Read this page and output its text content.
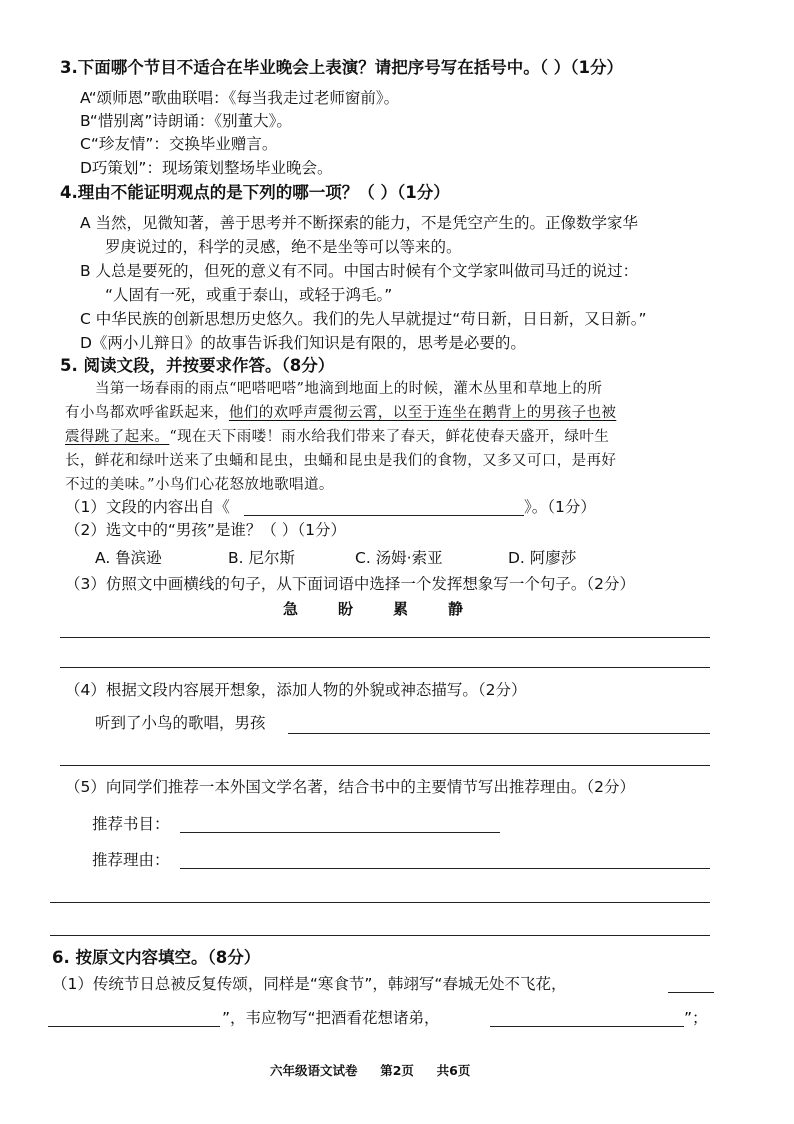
3.下面哪个节目不适合在毕业晚会上表演？请把序号写在括号中。（ ）（1分）
A“颂师恩”歌曲联唱：《每当我走过老师窗前》。
B“惜别离”诗朗诵：《别董大》。
C“珍友情”：交换毕业赠言。
D巧策划”：现场策划整场毕业晚会。
4.理由不能证明观点的是下列的哪一项？（ ）（1分）
A 当然，见微知著，善于思考并不断探索的能力，不是凭空产生的。正像数学家华
罗庚说过的，科学的灵感，绝不是坐等可以等来的。
B 人总是要死的，但死的意义有不同。中国古时候有个文学家叫做司马迁的说过：
“人固有一死，或重于泰山，或轻于鸿毛。”
C 中华民族的创新思想历史悠久。我们的先人早就提过“苟日新，日日新，又日新。”
D《两小儿辩日》的故事告诉我们知识是有限的，思考是必要的。
5. 阅读文段，并按要求作答。（8分）
当第一场春雨的雨点“吧嗒吧嗒”地滴到地面上的时候，灌木丛里和草地上的所
有小鸟都欢呼雀跃起来，他们的欢呼声震彻云霄，以至于连坐在鹅背上的男孩子也被
震得跳了起来。“现在天下雨喽！雨水给我们带来了春天，鲜花使春天盛开，绿叶生
长，鲜花和绿叶送来了虫蛹和昆虫，虫蛹和昆虫是我们的食物，又多又可口，是再好
不过的美味。”小鸟们心花怒放地歌唱道。
（1）文段的内容出自《	》。（1分）
（2）选文中的“男孩”是谁？（ ）（1分）
A. 鲁滨逊	B. 尼尔斯	C. 汤姆·索亚	D. 阿廖莎
（3）仿照文中画横线的句子，从下面词语中选择一个发挥想象写一个句子。（2分）
急	盼	累	静
（4）根据文段内容展开想象，添加人物的外貌或神态描写。（2分）
听到了小鸟的歌唱，男孩
（5）向同学们推荐一本外国文学名著，结合书中的主要情节写出推荐理由。（2分）
推荐书目：
推荐理由：
6. 按原文内容填空。（8分）
（1）传统节日总被反复传颂，同样是“寒食节”，韩翊写“春城无处不飞花，
”，韦应物写“把酒看花想诸弟，	”；
六年级语文试卷 第2页 共6页
